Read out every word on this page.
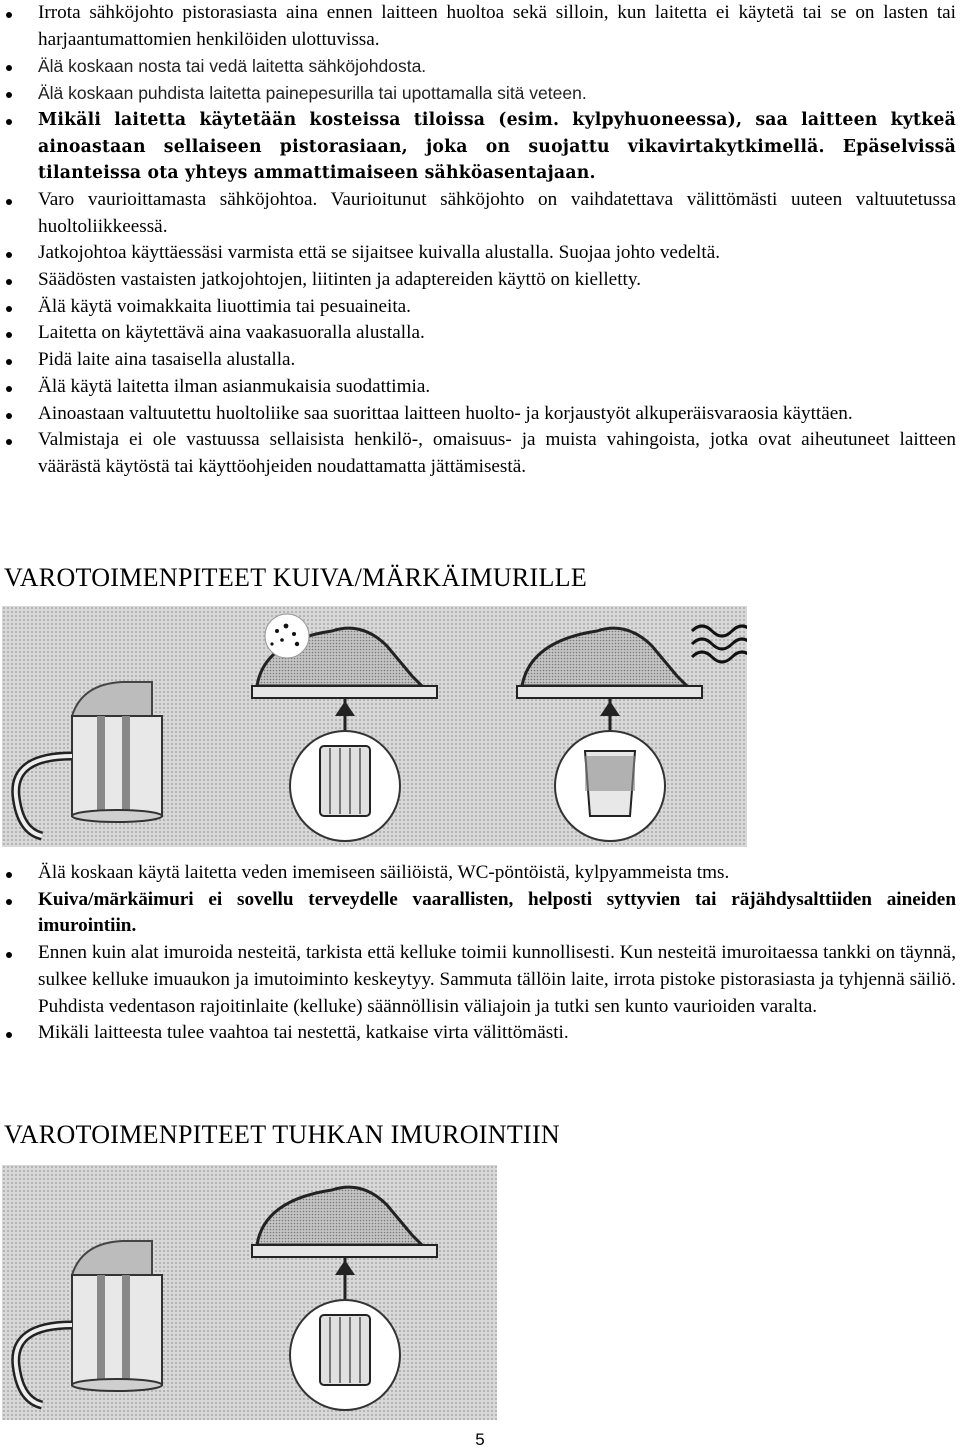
Irrota sähköjohto pistorasiasta aina ennen laitteen huoltoa sekä silloin, kun laitetta ei käytetä tai se on lasten tai harjaantumattomien henkilöiden ulottuvissa.
Älä koskaan nosta tai vedä laitetta sähköjohdosta.
Älä koskaan puhdista laitetta painepesurilla tai upottamalla sitä veteen.
Mikäli laitetta käytetään kosteissa tiloissa (esim. kylpyhuoneessa), saa laitteen kytkeä ainoastaan sellaiseen pistorasiaan, joka on suojattu vikavirtakytkimellä. Epäselvissä tilanteissa ota yhteys ammattimaiseen sähköasentajaan.
Varo vaurioittamasta sähköjohtoa. Vaurioitunut sähköjohto on vaihdatettava välittömästi uuteen valtuutetussa huoltoliikkeessä.
Jatkojohtoa käyttäessäsi varmista että se sijaitsee kuivalla alustalla. Suojaa johto vedeltä.
Säädösten vastaisten jatkojohtojen, liitinten ja adaptereiden käyttö on kielletty.
Älä käytä voimakkaita liuottimia tai pesuaineita.
Laitetta on käytettävä aina vaakasuoralla alustalla.
Pidä laite aina tasaisella alustalla.
Älä käytä laitetta ilman asianmukaisia suodattimia.
Ainoastaan valtuutettu huoltoliike saa suorittaa laitteen huolto- ja korjaustyöt alkuperäisvaraosia käyttäen.
Valmistaja ei ole vastuussa sellaisista henkilö-, omaisuus- ja muista vahingoista, jotka ovat aiheutuneet laitteen väärästä käytöstä tai käyttöohjeiden noudattamatta jättämisestä.
VAROTOIMENPITEET KUIVA/MÄRKÄIMURILLE
Älä koskaan käytä laitetta veden imemiseen säiliöistä, WC-pöntöistä, kylpyammeista tms.
Kuiva/märkäimuri ei sovellu terveydelle vaarallisten, helposti syttyvien tai räjähdysalttiiden aineiden imurointiin.
Ennen kuin alat imuroida nesteitä, tarkista että kelluke toimii kunnollisesti. Kun nesteitä imuroitaessa tankki on täynnä, sulkee kelluke imuaukon ja imutoiminto keskeytyy. Sammuta tällöin laite, irrota pistoke pistorasiasta ja tyhjennä säiliö. Puhdista vedentason rajoitinlaite (kelluke) säännöllisin väliajoin ja tutki sen kunto vaurioiden varalta.
Mikäli laitteesta tulee vaahtoa tai nestettä, katkaise virta välittömästi.
VAROTOIMENPITEET TUHKAN IMUROINTIIN
5
